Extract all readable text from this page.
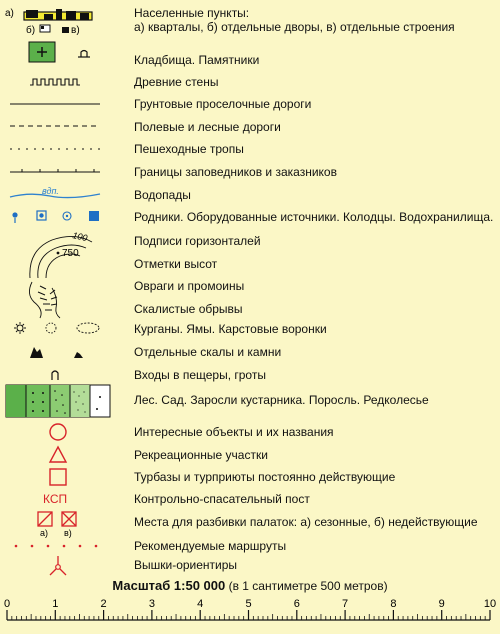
а)
б)	в)
Населенные пункты:
а) кварталы, б) отдельные дворы, в) отдельные строения
Кладбища. Памятники
Древние стены
Грунтовые проселочные дороги
Полевые и лесные дороги
Пешеходные тропы
Границы заповедников и заказников
вдп.	Водопады
Родники. Оборудованные источники. Колодцы. Водохранилища.
100
750
Подписи горизонталей
Отметки высот
Овраги и промоины
Скалистые обрывы
Курганы. Ямы. Карстовые воронки
Отдельные скалы и камни
Входы в пещеры, гроты
Лес. Сад. Заросли кустарника. Поросль. Редколесье
Интересные объекты и их названия
Рекреационные участки
Турбазы и турприюты постоянно действующие
КСП	Контрольно-спасательный пост
а) в)
Места для разбивки палаток: а) сезонные, б) недействующие
Рекомендуемые маршруты
Вышки-ориентиры
Масштаб 1:50 000 (в 1 сантиметре 500 метров)
0	1	2	3	4	5	6	7	8	9	10
